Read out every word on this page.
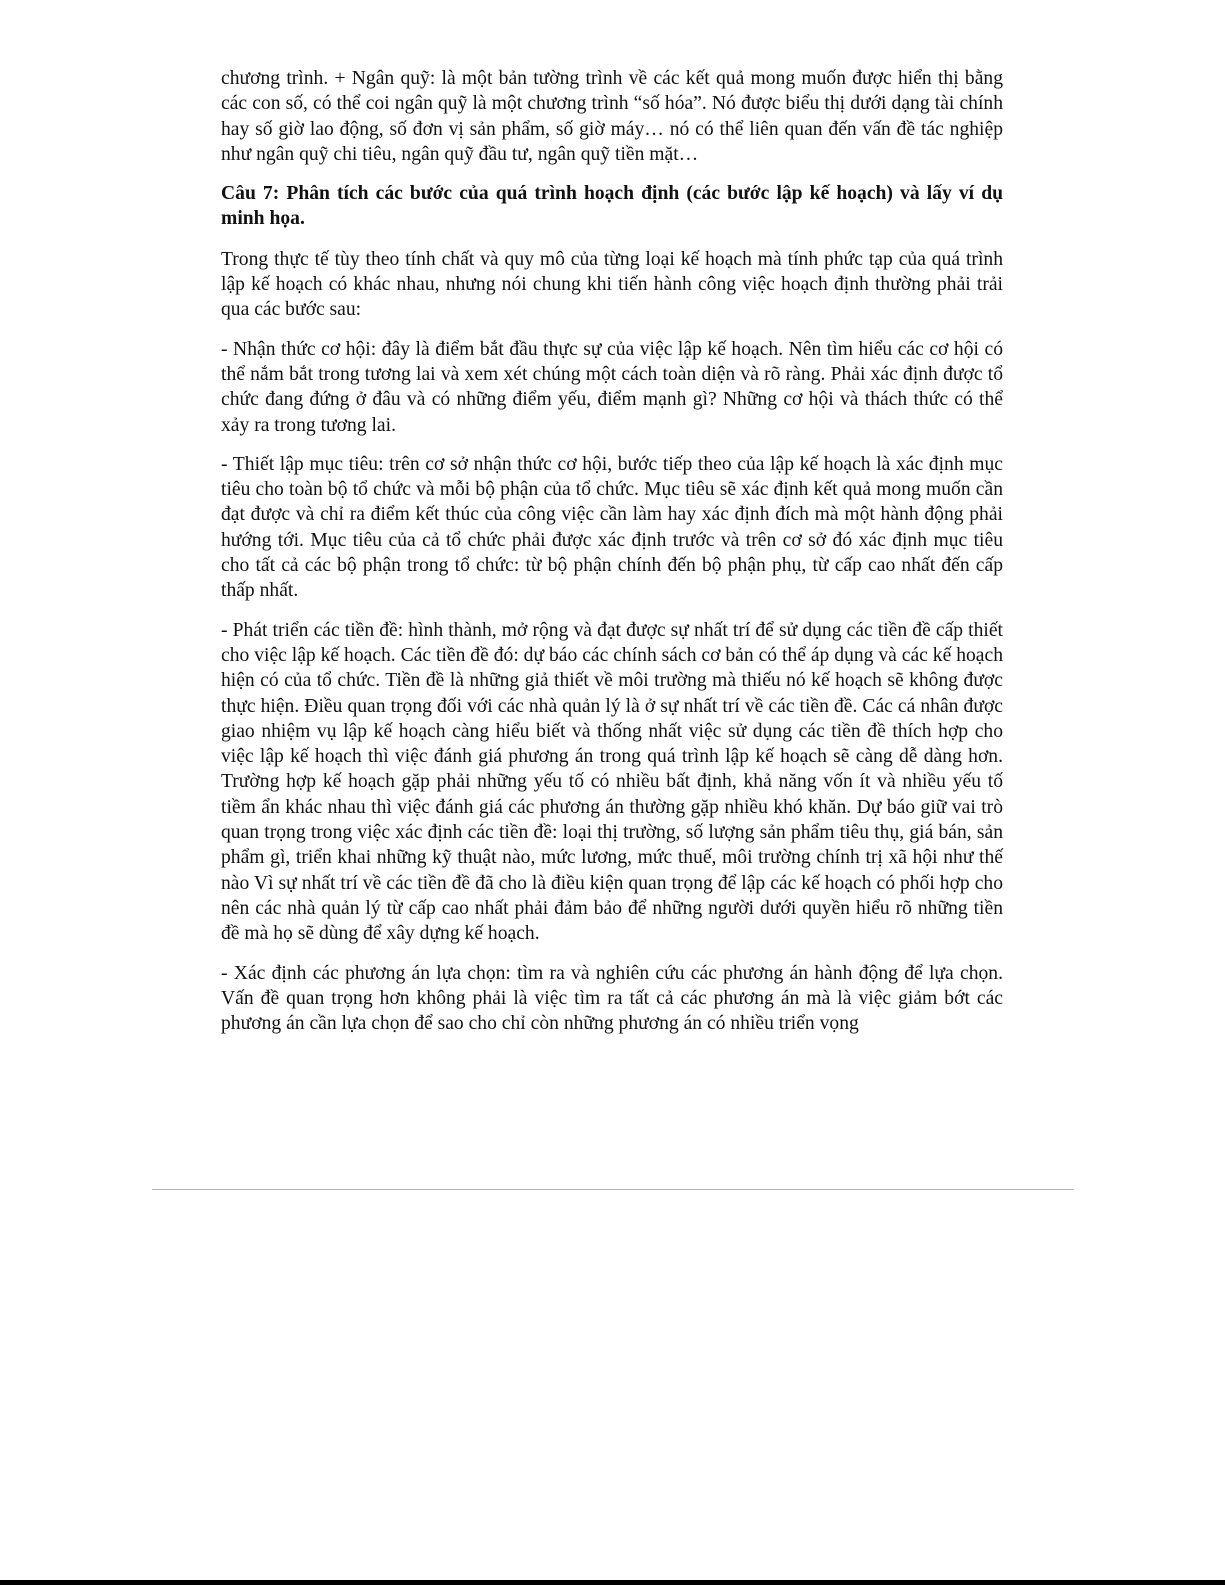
chương trình. + Ngân quỹ: là một bản tường trình về các kết quả mong muốn được hiển thị bằng các con số, có thể coi ngân quỹ là một chương trình “số hóa”. Nó được biểu thị dưới dạng tài chính hay số giờ lao động, số đơn vị sản phẩm, số giờ máy… nó có thể liên quan đến vấn đề tác nghiệp như ngân quỹ chi tiêu, ngân quỹ đầu tư, ngân quỹ tiền mặt…

Câu 7: Phân tích các bước của quá trình hoạch định (các bước lập kế hoạch) và lấy ví dụ minh họa.

Trong thực tế tùy theo tính chất và quy mô của từng loại kế hoạch mà tính phức tạp của quá trình lập kế hoạch có khác nhau, nhưng nói chung khi tiến hành công việc hoạch định thường phải trải qua các bước sau:

- Nhận thức cơ hội: đây là điểm bắt đầu thực sự của việc lập kế hoạch. Nên tìm hiểu các cơ hội có thể nắm bắt trong tương lai và xem xét chúng một cách toàn diện và rõ ràng. Phải xác định được tổ chức đang đứng ở đâu và có những điểm yếu, điểm mạnh gì? Những cơ hội và thách thức có thể xảy ra trong tương lai.

- Thiết lập mục tiêu: trên cơ sở nhận thức cơ hội, bước tiếp theo của lập kế hoạch là xác định mục tiêu cho toàn bộ tổ chức và mỗi bộ phận của tổ chức. Mục tiêu sẽ xác định kết quả mong muốn cần đạt được và chỉ ra điểm kết thúc của công việc cần làm hay xác định đích mà một hành động phải hướng tới. Mục tiêu của cả tổ chức phải được xác định trước và trên cơ sở đó xác định mục tiêu cho tất cả các bộ phận trong tổ chức: từ bộ phận chính đến bộ phận phụ, từ cấp cao nhất đến cấp thấp nhất.

- Phát triển các tiền đề: hình thành, mở rộng và đạt được sự nhất trí để sử dụng các tiền đề cấp thiết cho việc lập kế hoạch. Các tiền đề đó: dự báo các chính sách cơ bản có thể áp dụng và các kế hoạch hiện có của tổ chức. Tiền đề là những giả thiết về môi trường mà thiếu nó kế hoạch sẽ không được thực hiện. Điều quan trọng đối với các nhà quản lý là ở sự nhất trí về các tiền đề. Các cá nhân được giao nhiệm vụ lập kế hoạch càng hiểu biết và thống nhất việc sử dụng các tiền đề thích hợp cho việc lập kế hoạch thì việc đánh giá phương án trong quá trình lập kế hoạch sẽ càng dễ dàng hơn. Trường hợp kế hoạch gặp phải những yếu tố có nhiều bất định, khả năng vốn ít và nhiều yếu tố tiềm ẩn khác nhau thì việc đánh giá các phương án thường gặp nhiều khó khăn. Dự báo giữ vai trò quan trọng trong việc xác định các tiền đề: loại thị trường, số lượng sản phẩm tiêu thụ, giá bán, sản phẩm gì, triển khai những kỹ thuật nào, mức lương, mức thuế, môi trường chính trị xã hội như thế nào Vì sự nhất trí về các tiền đề đã cho là điều kiện quan trọng để lập các kế hoạch có phối hợp cho nên các nhà quản lý từ cấp cao nhất phải đảm bảo để những người dưới quyền hiểu rõ những tiền đề mà họ sẽ dùng để xây dựng kế hoạch.

- Xác định các phương án lựa chọn: tìm ra và nghiên cứu các phương án hành động để lựa chọn. Vấn đề quan trọng hơn không phải là việc tìm ra tất cả các phương án mà là việc giảm bớt các phương án cần lựa chọn để sao cho chỉ còn những phương án có nhiều triển vọng
